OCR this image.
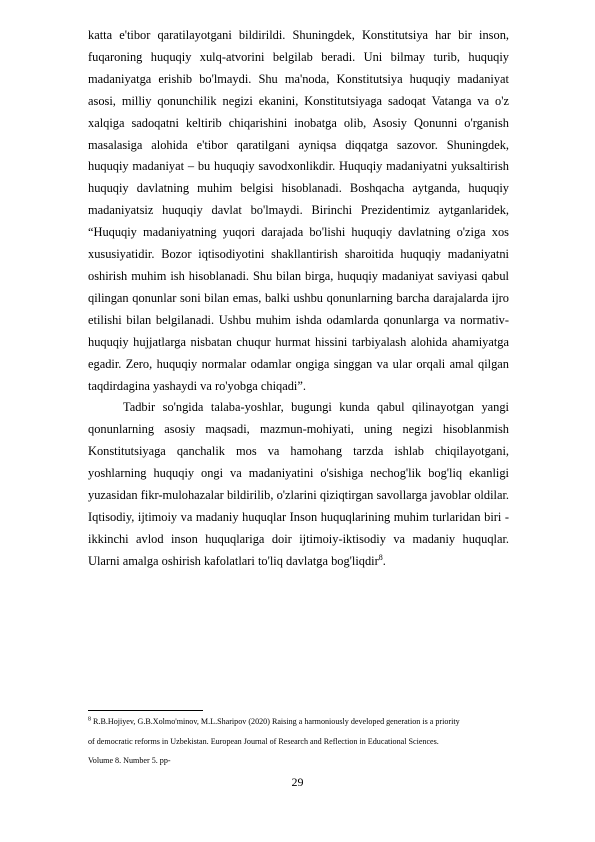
katta e'tibor qaratilayotgani bildirildi. Shuningdek, Konstitutsiya har bir inson, fuqaroning huquqiy xulq-atvorini belgilab beradi. Uni bilmay turib, huquqiy madaniyatga erishib bo'lmaydi. Shu ma'noda, Konstitutsiya huquqiy madaniyat asosi, milliy qonunchilik negizi ekanini, Konstitutsiyaga sadoqat Vatanga va o'z xalqiga sadoqatni keltirib chiqarishini inobatga olib, Asosiy Qonunni o'rganish masalasiga alohida e'tibor qaratilgani ayniqsa diqqatga sazovor. Shuningdek, huquqiy madaniyat – bu huquqiy savodxonlikdir. Huquqiy madaniyatni yuksaltirish huquqiy davlatning muhim belgisi hisoblanadi. Boshqacha aytganda, huquqiy madaniyatsiz huquqiy davlat bo'lmaydi. Birinchi Prezidentimiz aytganlaridek, “Huquqiy madaniyatning yuqori darajada bo'lishi huquqiy davlatning o'ziga xos xususiyatidir. Bozor iqtisodiyotini shakllantirish sharoitida huquqiy madaniyatni oshirish muhim ish hisoblanadi. Shu bilan birga, huquqiy madaniyat saviyasi qabul qilingan qonunlar soni bilan emas, balki ushbu qonunlarning barcha darajalarda ijro etilishi bilan belgilanadi. Ushbu muhim ishda odamlarda qonunlarga va normativ-huquqiy hujjatlarga nisbatan chuqur hurmat hissini tarbiyalash alohida ahamiyatga egadir. Zero, huquqiy normalar odamlar ongiga singgan va ular orqali amal qilgan taqdirdagina yashaydi va ro'yobga chiqadi”.

Tadbir so'ngida talaba-yoshlar, bugungi kunda qabul qilinayotgan yangi qonunlarning asosiy maqsadi, mazmun-mohiyati, uning negizi hisoblanmish Konstitutsiyaga qanchalik mos va hamohang tarzda ishlab chiqilayotgani, yoshlarning huquqiy ongi va madaniyatini o'sishiga nechog'lik bog'liq ekanligi yuzasidan fikr-mulohazalar bildirilib, o'zlarini qiziqtirgan savollarga javoblar oldilar. Iqtisodiy, ijtimoiy va madaniy huquqlar Inson huquqlarining muhim turlaridan biri - ikkinchi avlod inson huquqlariga doir ijtimoiy-iktisodiy va madaniy huquqlar. Ularni amalga oshirish kafolatlari to'liq davlatga bog'liqdir$^8$.

$^8$ R.B.Hojiyev, G.B.Xolmo'minov, M.L.Sharipov (2020) Raising a harmoniously developed generation is a priority
of democratic reforms in Uzbekistan. European Journal of Research and Reflection in Educational Sciences.
Volume 8. Number 5. pp-
29
